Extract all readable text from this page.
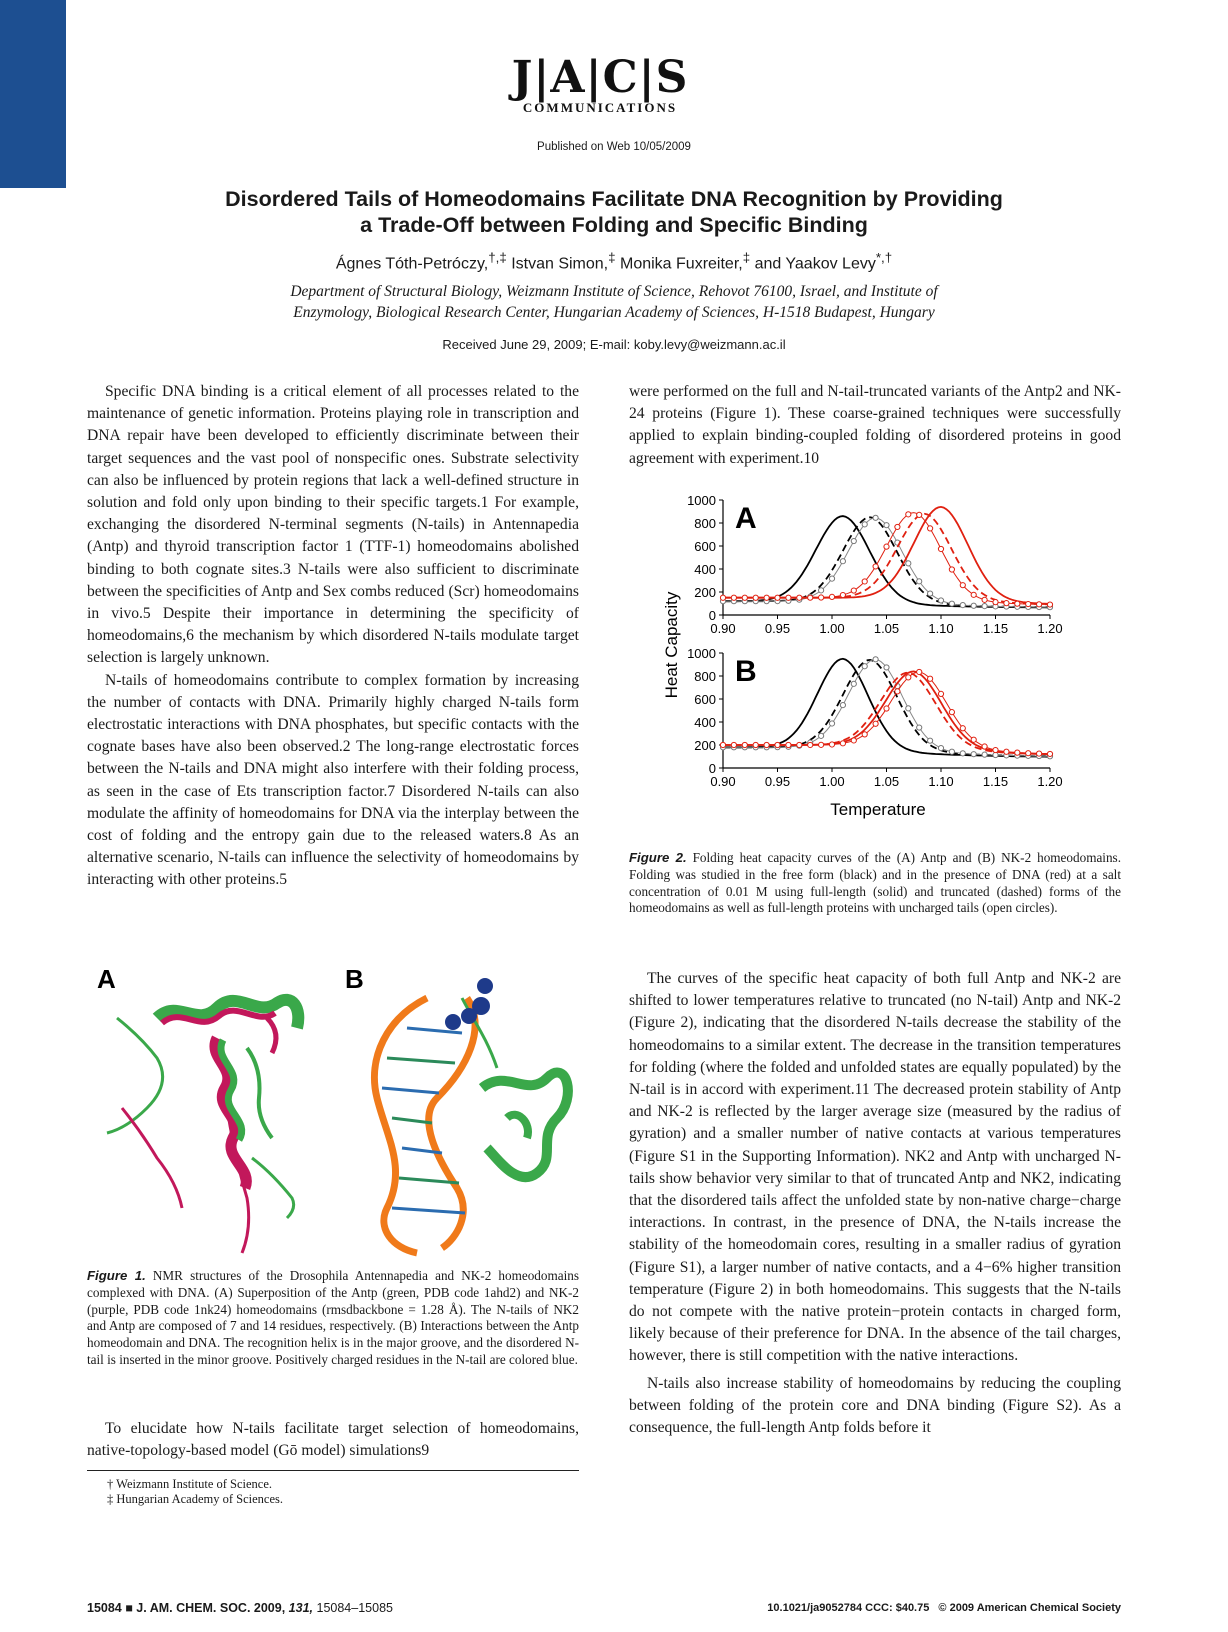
J|A|C|S
COMMUNICATIONS
Published on Web 10/05/2009
Disordered Tails of Homeodomains Facilitate DNA Recognition by Providing
a Trade-Off between Folding and Specific Binding
Ágnes Tóth-Petróczy,†,‡ Istvan Simon,‡ Monika Fuxreiter,‡ and Yaakov Levy*,†
Department of Structural Biology, Weizmann Institute of Science, Rehovot 76100, Israel, and Institute of
Enzymology, Biological Research Center, Hungarian Academy of Sciences, H-1518 Budapest, Hungary
Received June 29, 2009; E-mail: koby.levy@weizmann.ac.il

Specific DNA binding is a critical element of all processes related to the maintenance of genetic information. Proteins playing role in transcription and DNA repair have been developed to efficiently discriminate between their target sequences and the vast pool of nonspecific ones. Substrate selectivity can also be influenced by protein regions that lack a well-defined structure in solution and fold only upon binding to their specific targets.1 For example, exchanging the disordered N-terminal segments (N-tails) in Antennapedia (Antp) and thyroid transcription factor 1 (TTF-1) homeodomains abolished binding to both cognate sites.3 N-tails were also sufficient to discriminate between the specificities of Antp and Sex combs reduced (Scr) homeodomains in vivo.5 Despite their importance in determining the specificity of homeodomains,6 the mechanism by which disordered N-tails modulate target selection is largely unknown.

N-tails of homeodomains contribute to complex formation by increasing the number of contacts with DNA. Primarily highly charged N-tails form electrostatic interactions with DNA phosphates, but specific contacts with the cognate bases have also been observed.2 The long-range electrostatic forces between the N-tails and DNA might also interfere with their folding process, as seen in the case of Ets transcription factor.7 Disordered N-tails can also modulate the affinity of homeodomains for DNA via the interplay between the cost of folding and the entropy gain due to the released waters.8 As an alternative scenario, N-tails can influence the selectivity of homeodomains by interacting with other proteins.5

A	B
Figure 1. NMR structures of the Drosophila Antennapedia and NK-2 homeodomains complexed with DNA. (A) Superposition of the Antp (green, PDB code 1ahd2) and NK-2 (purple, PDB code 1nk24) homeodomains (rmsdbackbone = 1.28 Å). The N-tails of NK2 and Antp are composed of 7 and 14 residues, respectively. (B) Interactions between the Antp homeodomain and DNA. The recognition helix is in the major groove, and the disordered N-tail is inserted in the minor groove. Positively charged residues in the N-tail are colored blue.

To elucidate how N-tails facilitate target selection of homeodomains, native-topology-based model (Gō model) simulations9

† Weizmann Institute of Science.
‡ Hungarian Academy of Sciences.

were performed on the full and N-tail-truncated variants of the Antp2 and NK-24 proteins (Figure 1). These coarse-grained techniques were successfully applied to explain binding-coupled folding of disordered proteins in good agreement with experiment.10

Heat Capacity
Temperature
0
200
400
600
800
1000
0.90 0.95 1.00 1.05 1.10 1.15 1.20
A
0
200
400
600
800
1000
0.90 0.95 1.00 1.05 1.10 1.15 1.20
B
Figure 2. Folding heat capacity curves of the (A) Antp and (B) NK-2 homeodomains. Folding was studied in the free form (black) and in the presence of DNA (red) at a salt concentration of 0.01 M using full-length (solid) and truncated (dashed) forms of the homeodomains as well as full-length proteins with uncharged tails (open circles).

The curves of the specific heat capacity of both full Antp and NK-2 are shifted to lower temperatures relative to truncated (no N-tail) Antp and NK-2 (Figure 2), indicating that the disordered N-tails decrease the stability of the homeodomains to a similar extent. The decrease in the transition temperatures for folding (where the folded and unfolded states are equally populated) by the N-tail is in accord with experiment.11 The decreased protein stability of Antp and NK-2 is reflected by the larger average size (measured by the radius of gyration) and a smaller number of native contacts at various temperatures (Figure S1 in the Supporting Information). NK2 and Antp with uncharged N-tails show behavior very similar to that of truncated Antp and NK2, indicating that the disordered tails affect the unfolded state by non-native charge−charge interactions. In contrast, in the presence of DNA, the N-tails increase the stability of the homeodomain cores, resulting in a smaller radius of gyration (Figure S1), a larger number of native contacts, and a 4−6% higher transition temperature (Figure 2) in both homeodomains. This suggests that the N-tails do not compete with the native protein−protein contacts in charged form, likely because of their preference for DNA. In the absence of the tail charges, however, there is still competition with the native interactions.

N-tails also increase stability of homeodomains by reducing the coupling between folding of the protein core and DNA binding (Figure S2). As a consequence, the full-length Antp folds before it

15084 ■ J. AM. CHEM. SOC. 2009, 131, 15084–15085	10.1021/ja9052784 CCC: $40.75 © 2009 American Chemical Society
